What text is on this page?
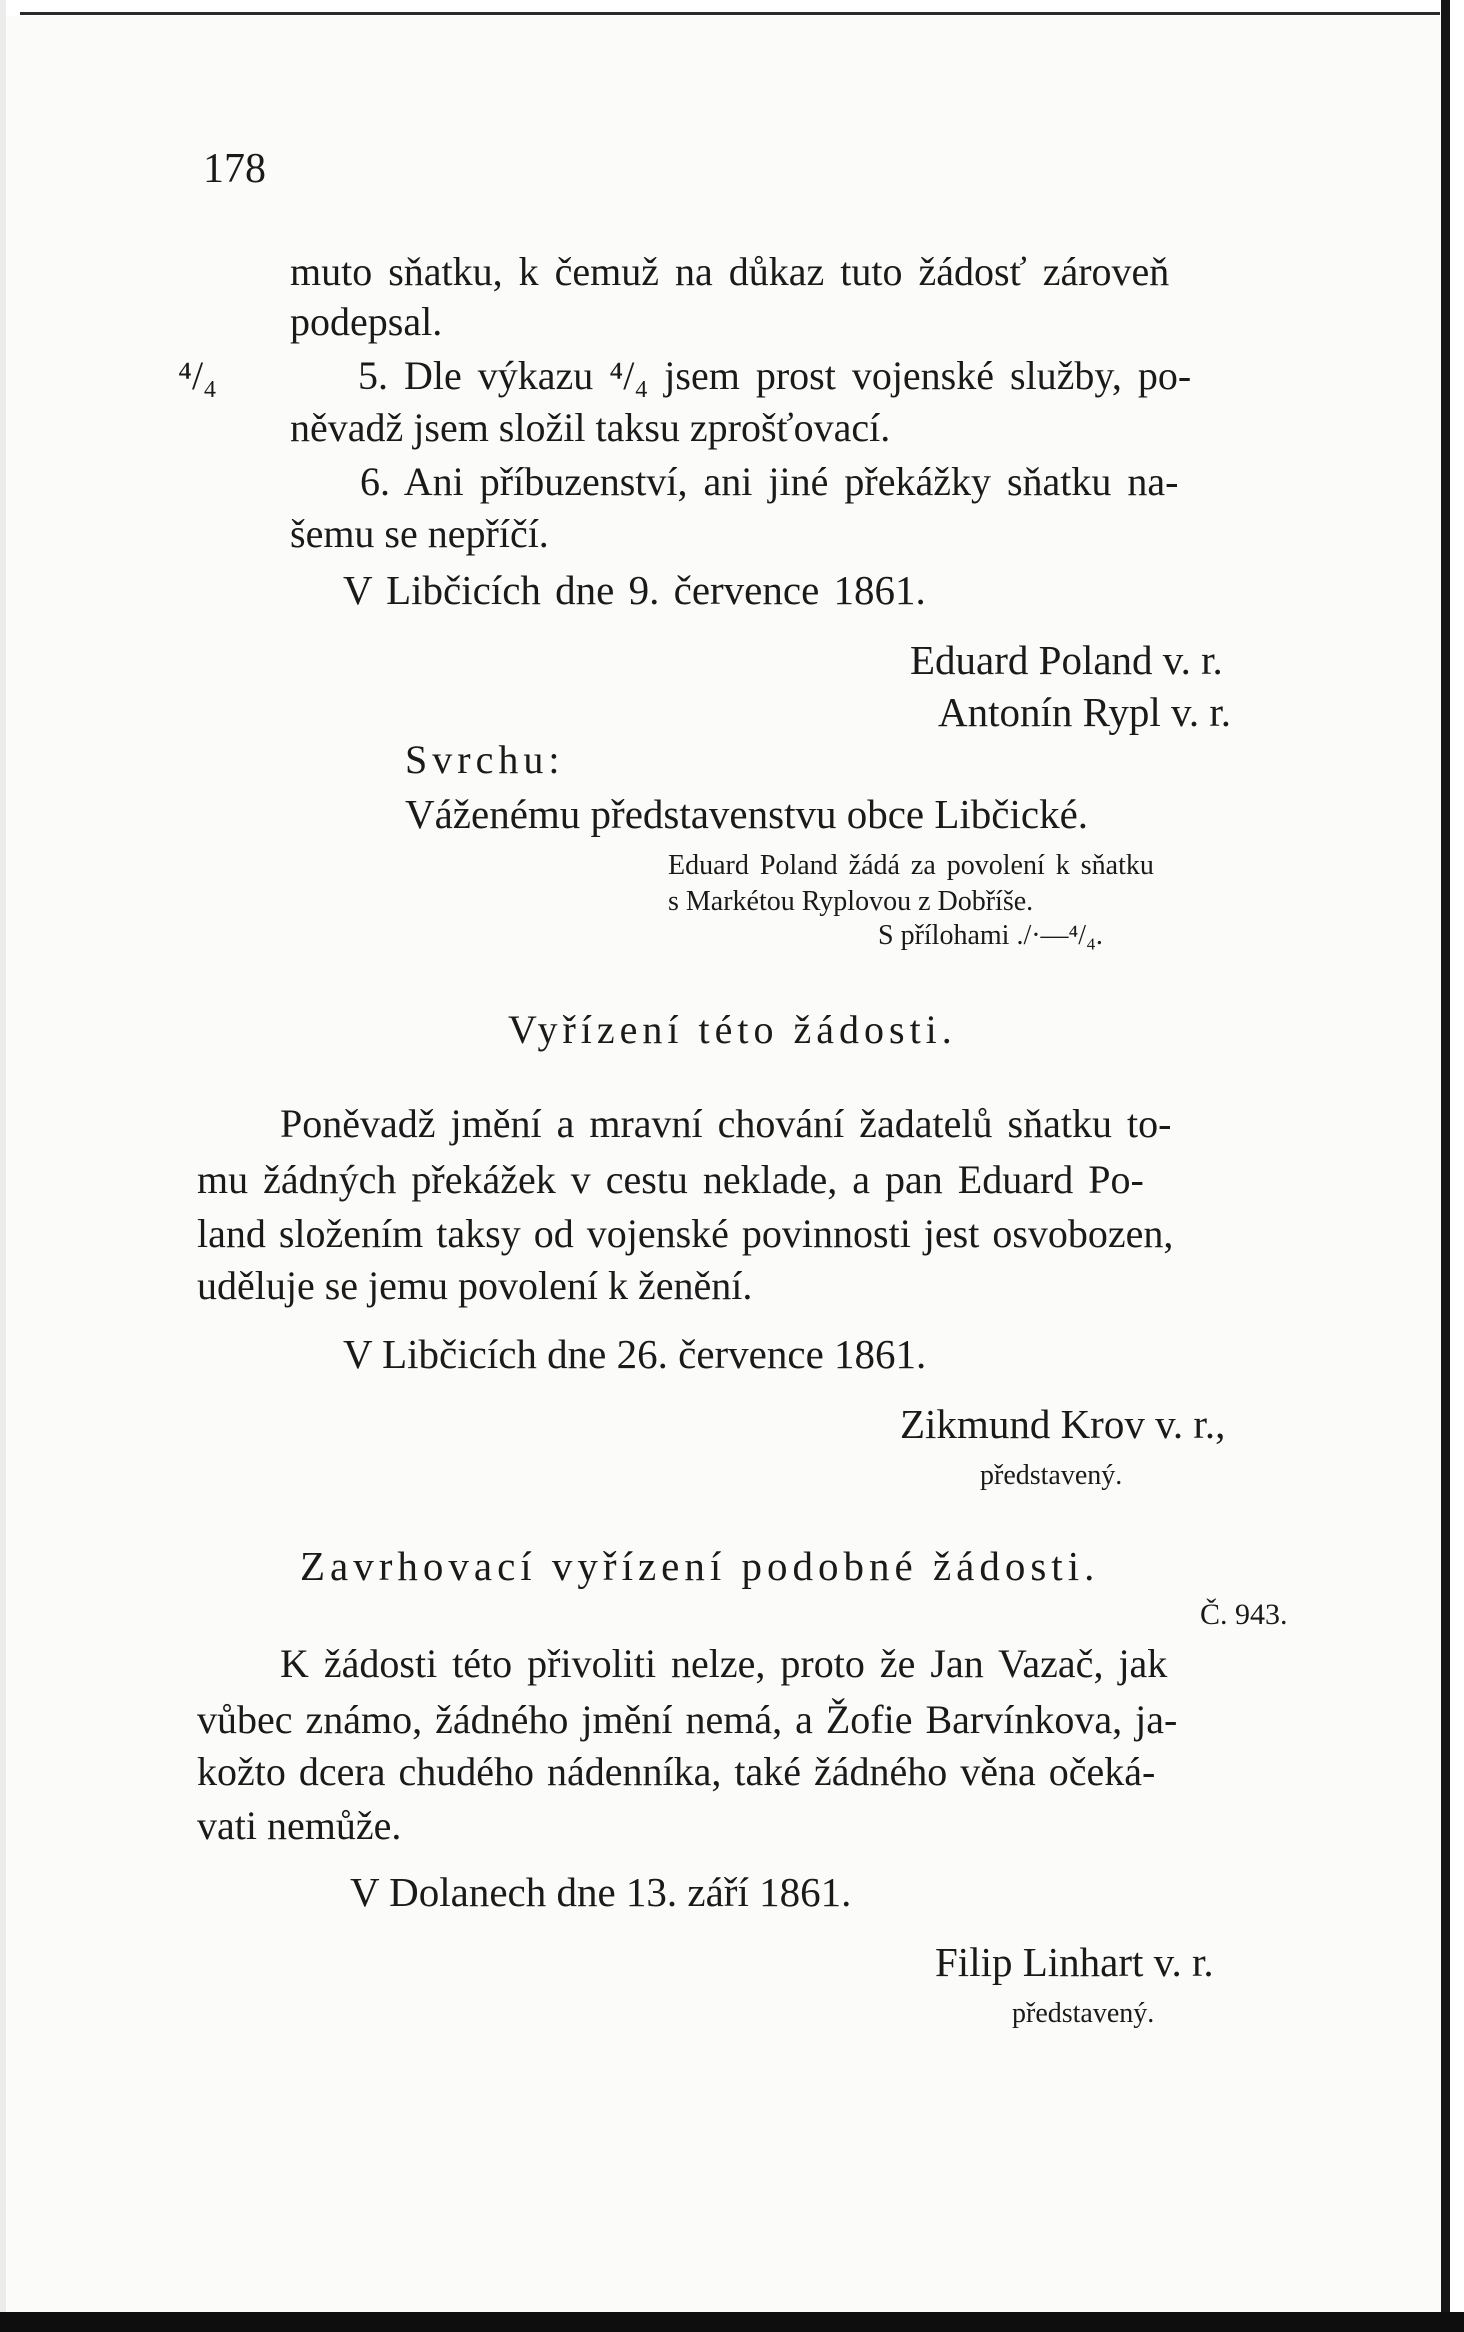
178
muto sňatku, k čemuž na důkaz tuto žádosť zároveň
podepsal.
⁴/₄	5. Dle výkazu ⁴/₄ jsem prost vojenské služby, po-
něvadž jsem složil taksu zprošťovací.
6. Ani příbuzenství, ani jiné překážky sňatku na-
šemu se nepříčí.
V Libčicích dne 9. července 1861.
Eduard Poland v. r.
Antonín Rypl v. r.
Svrchu:
Váženému představenstvu obce Libčické.
Eduard Poland žádá za povolení k sňatku
s Markétou Ryplovou z Dobříše.
S přílohami ./·—⁴/₄.
Vyřízení této žádosti.
Poněvadž jmění a mravní chování žadatelů sňatku to-
mu žádných překážek v cestu neklade, a pan Eduard Po-
land složením taksy od vojenské povinnosti jest osvobozen,
uděluje se jemu povolení k ženění.
V Libčicích dne 26. července 1861.
Zikmund Krov v. r.,
představený.
Zavrhovací vyřízení podobné žádosti.
Č. 943.
K žádosti této přivoliti nelze, proto že Jan Vazač, jak
vůbec známo, žádného jmění nemá, a Žofie Barvínkova, ja-
kožto dcera chudého nádenníka, také žádného věna očeká-
vati nemůže.
V Dolanech dne 13. září 1861.
Filip Linhart v. r.
představený.
